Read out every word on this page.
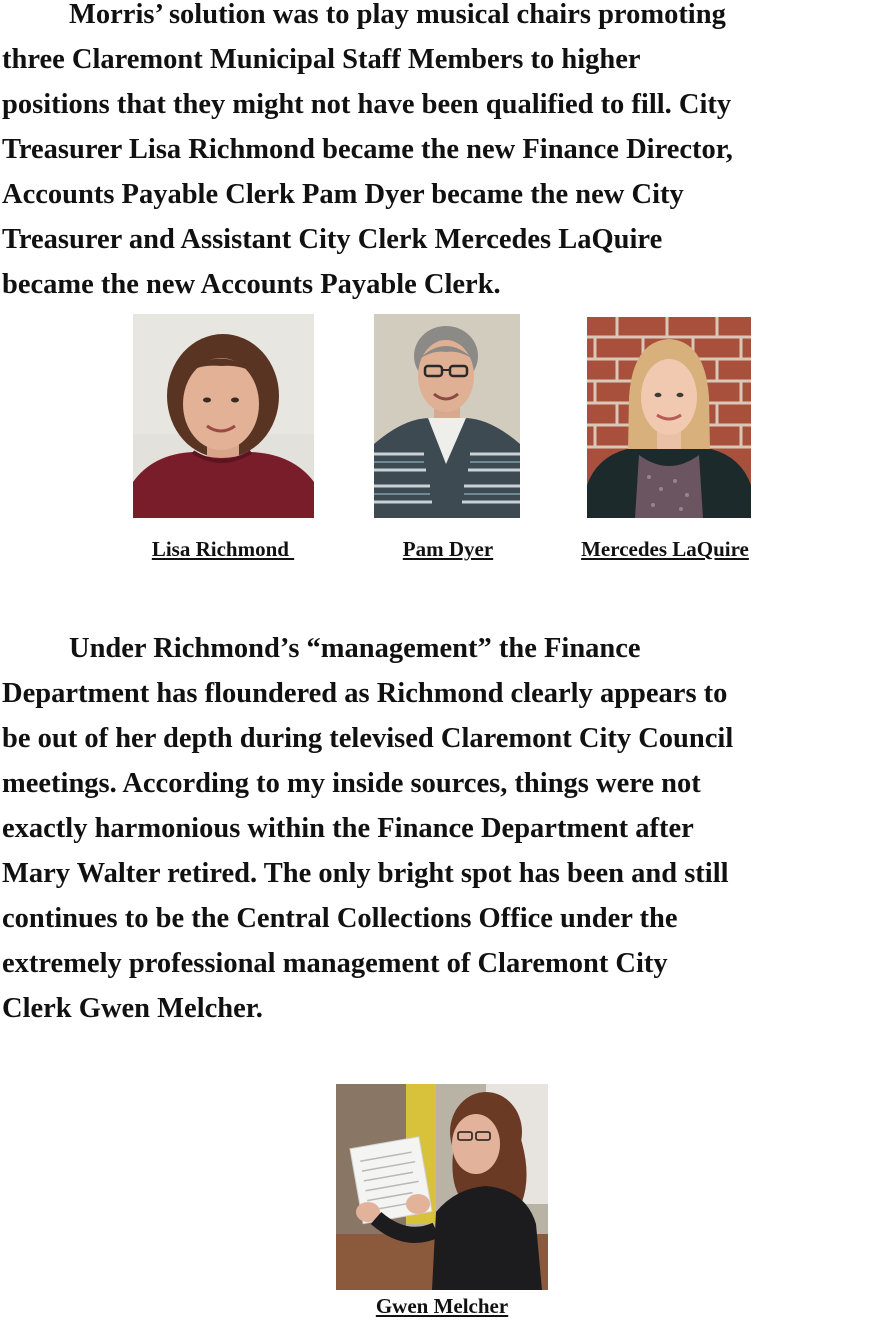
Morris’ solution was to play musical chairs promoting
three Claremont Municipal Staff Members to higher
positions that they might not have been qualified to fill. City
Treasurer Lisa Richmond became the new Finance Director,
Accounts Payable Clerk Pam Dyer became the new City
Treasurer and Assistant City Clerk Mercedes LaQuire
became the new Accounts Payable Clerk.

Lisa Richmond	Pam Dyer	Mercedes LaQuire

Under Richmond’s “management” the Finance
Department has floundered as Richmond clearly appears to
be out of her depth during televised Claremont City Council
meetings. According to my inside sources, things were not
exactly harmonious within the Finance Department after
Mary Walter retired. The only bright spot has been and still
continues to be the Central Collections Office under the
extremely professional management of Claremont City
Clerk Gwen Melcher.

Gwen Melcher
